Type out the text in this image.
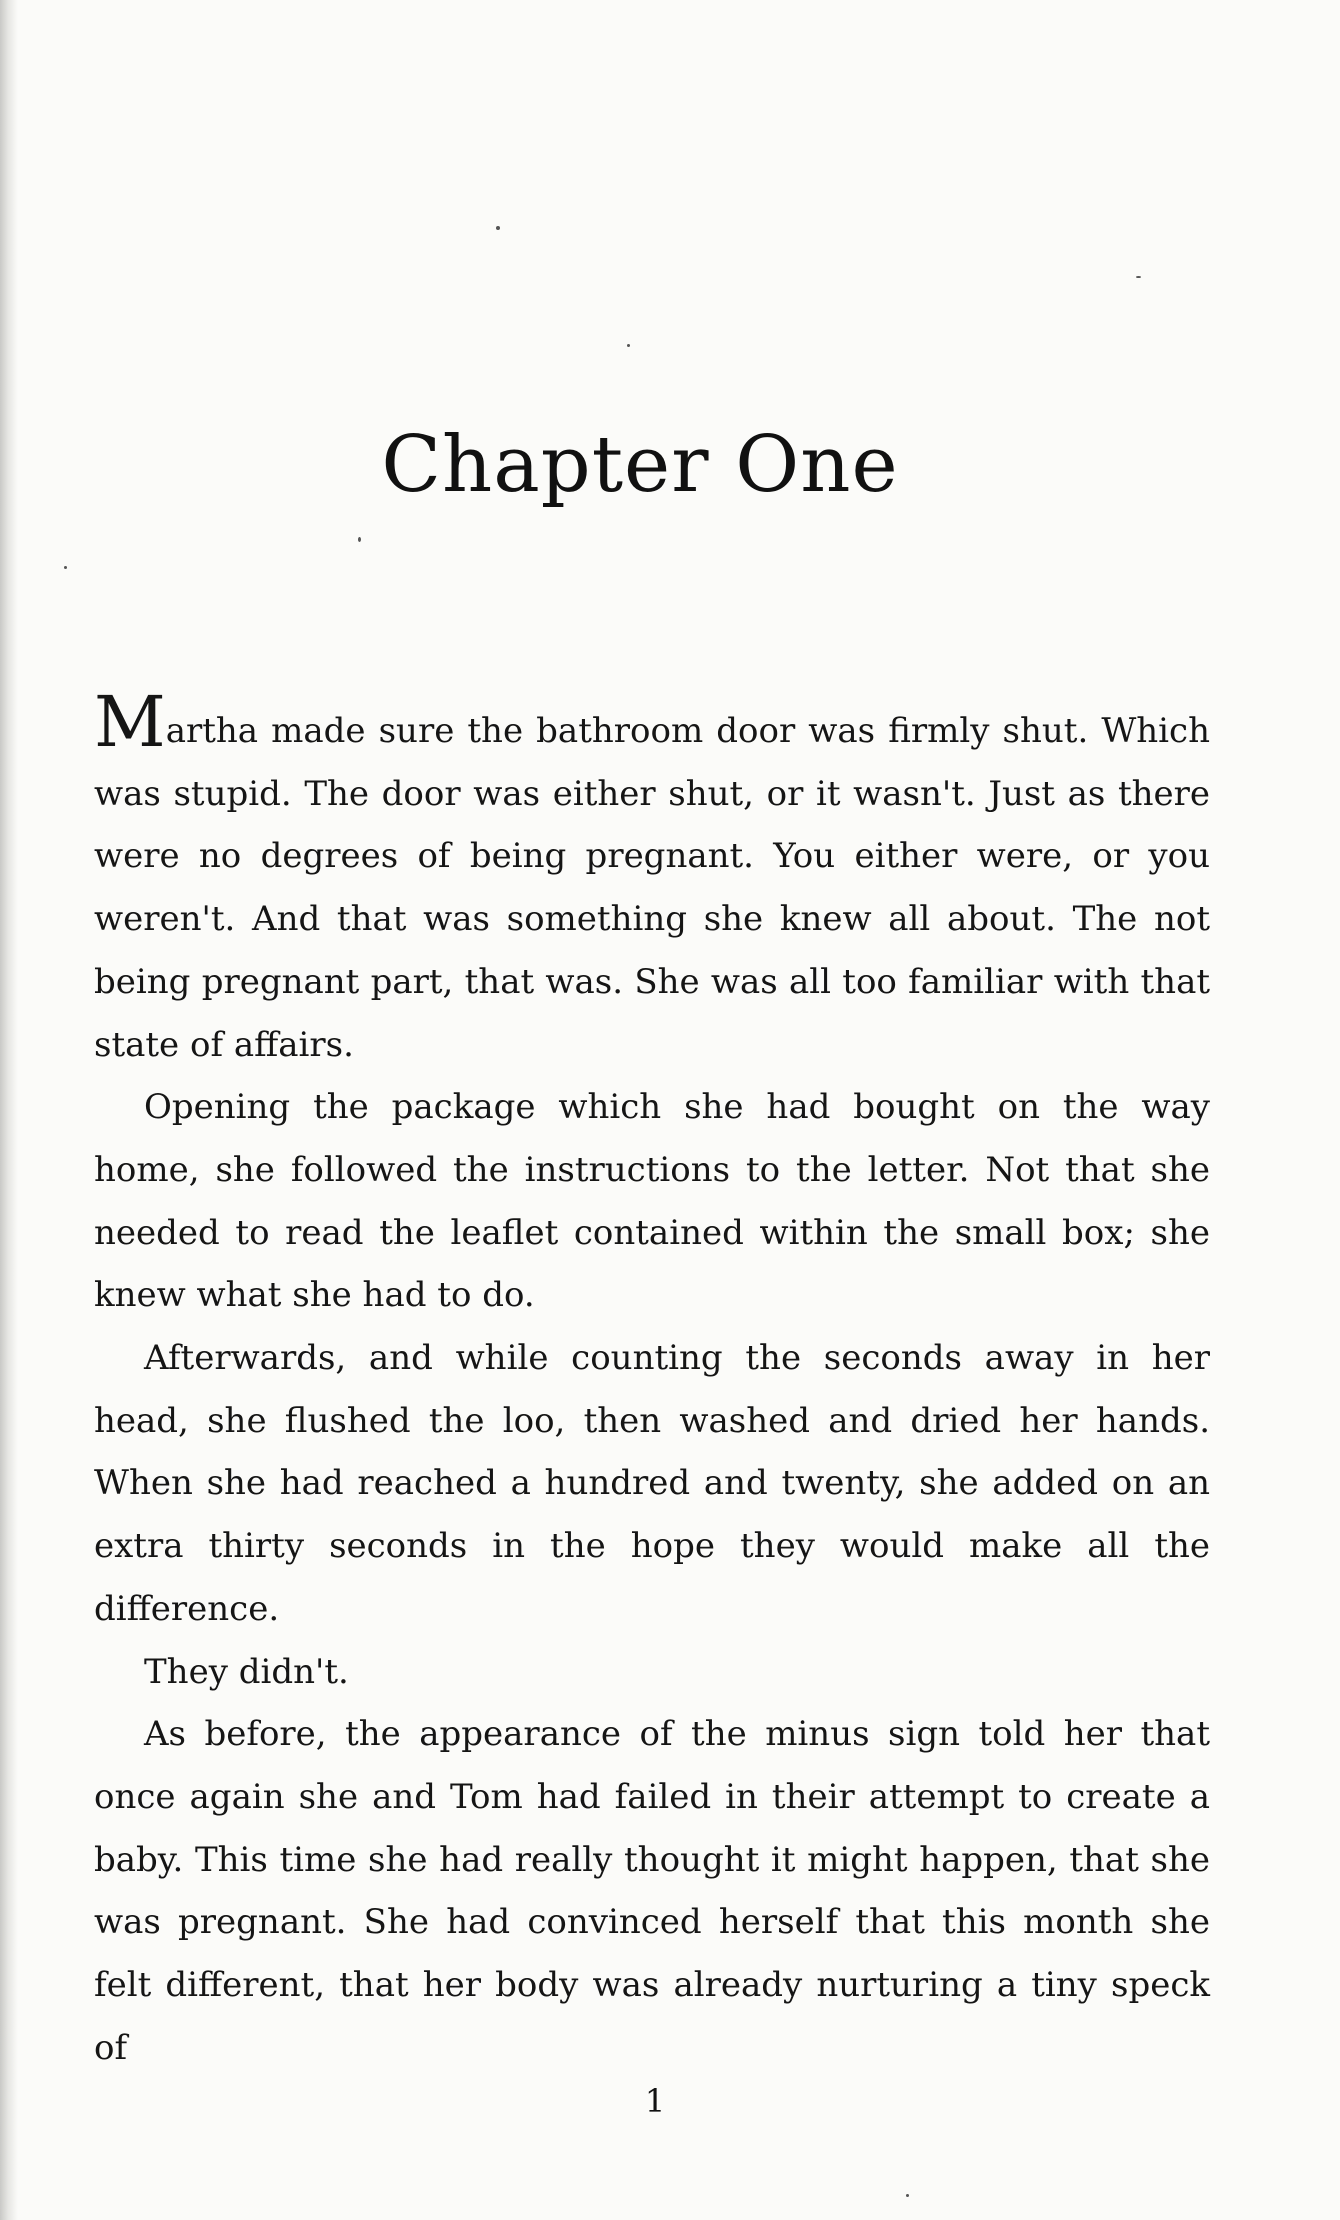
Chapter One

Martha made sure the bathroom door was firmly shut. Which was stupid. The door was either shut, or it wasn't. Just as there were no degrees of being pregnant. You either were, or you weren't. And that was something she knew all about. The not being pregnant part, that was. She was all too familiar with that state of affairs.

Opening the package which she had bought on the way home, she followed the instructions to the letter. Not that she needed to read the leaflet contained within the small box; she knew what she had to do.

Afterwards, and while counting the seconds away in her head, she flushed the loo, then washed and dried her hands. When she had reached a hundred and twenty, she added on an extra thirty seconds in the hope they would make all the difference.

They didn't.

As before, the appearance of the minus sign told her that once again she and Tom had failed in their attempt to create a baby. This time she had really thought it might happen, that she was pregnant. She had convinced herself that this month she felt different, that her body was already nurturing a tiny speck of

1
